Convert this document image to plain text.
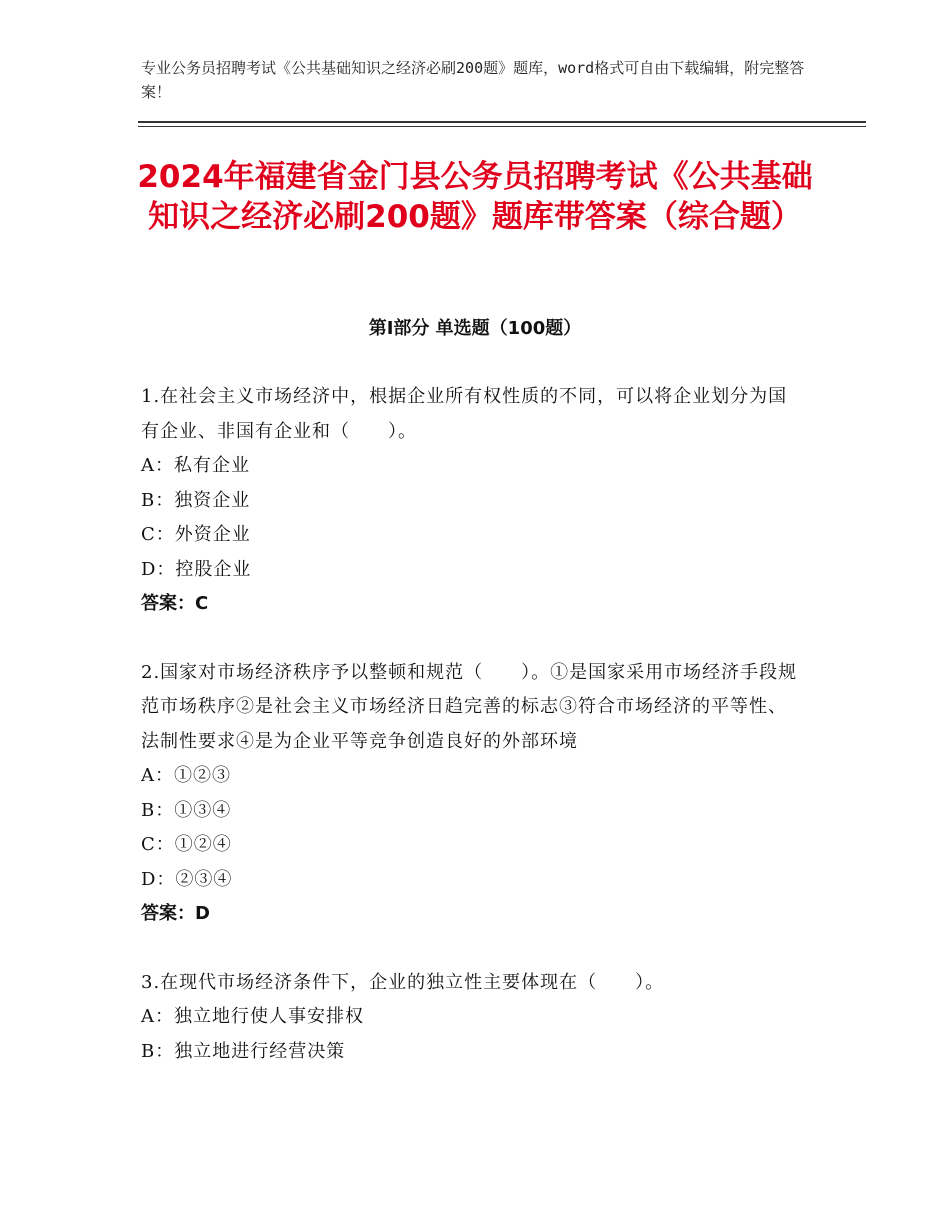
专业公务员招聘考试《公共基础知识之经济必刷200题》题库，word格式可自由下载编辑，附完整答案！
2024年福建省金门县公务员招聘考试《公共基础知识之经济必刷200题》题库带答案（综合题）
第Ⅰ部分 单选题（100题）

1.在社会主义市场经济中，根据企业所有权性质的不同，可以将企业划分为国有企业、非国有企业和（　　）。

A：私有企业

B：独资企业

C：外资企业

D：控股企业

答案：C

2.国家对市场经济秩序予以整顿和规范（　　）。①是国家采用市场经济手段规范市场秩序②是社会主义市场经济日趋完善的标志③符合市场经济的平等性、法制性要求④是为企业平等竞争创造良好的外部环境

A：①②③

B：①③④

C：①②④

D：②③④

答案：D

3.在现代市场经济条件下，企业的独立性主要体现在（　　）。

A：独立地行使人事安排权

B：独立地进行经营决策
